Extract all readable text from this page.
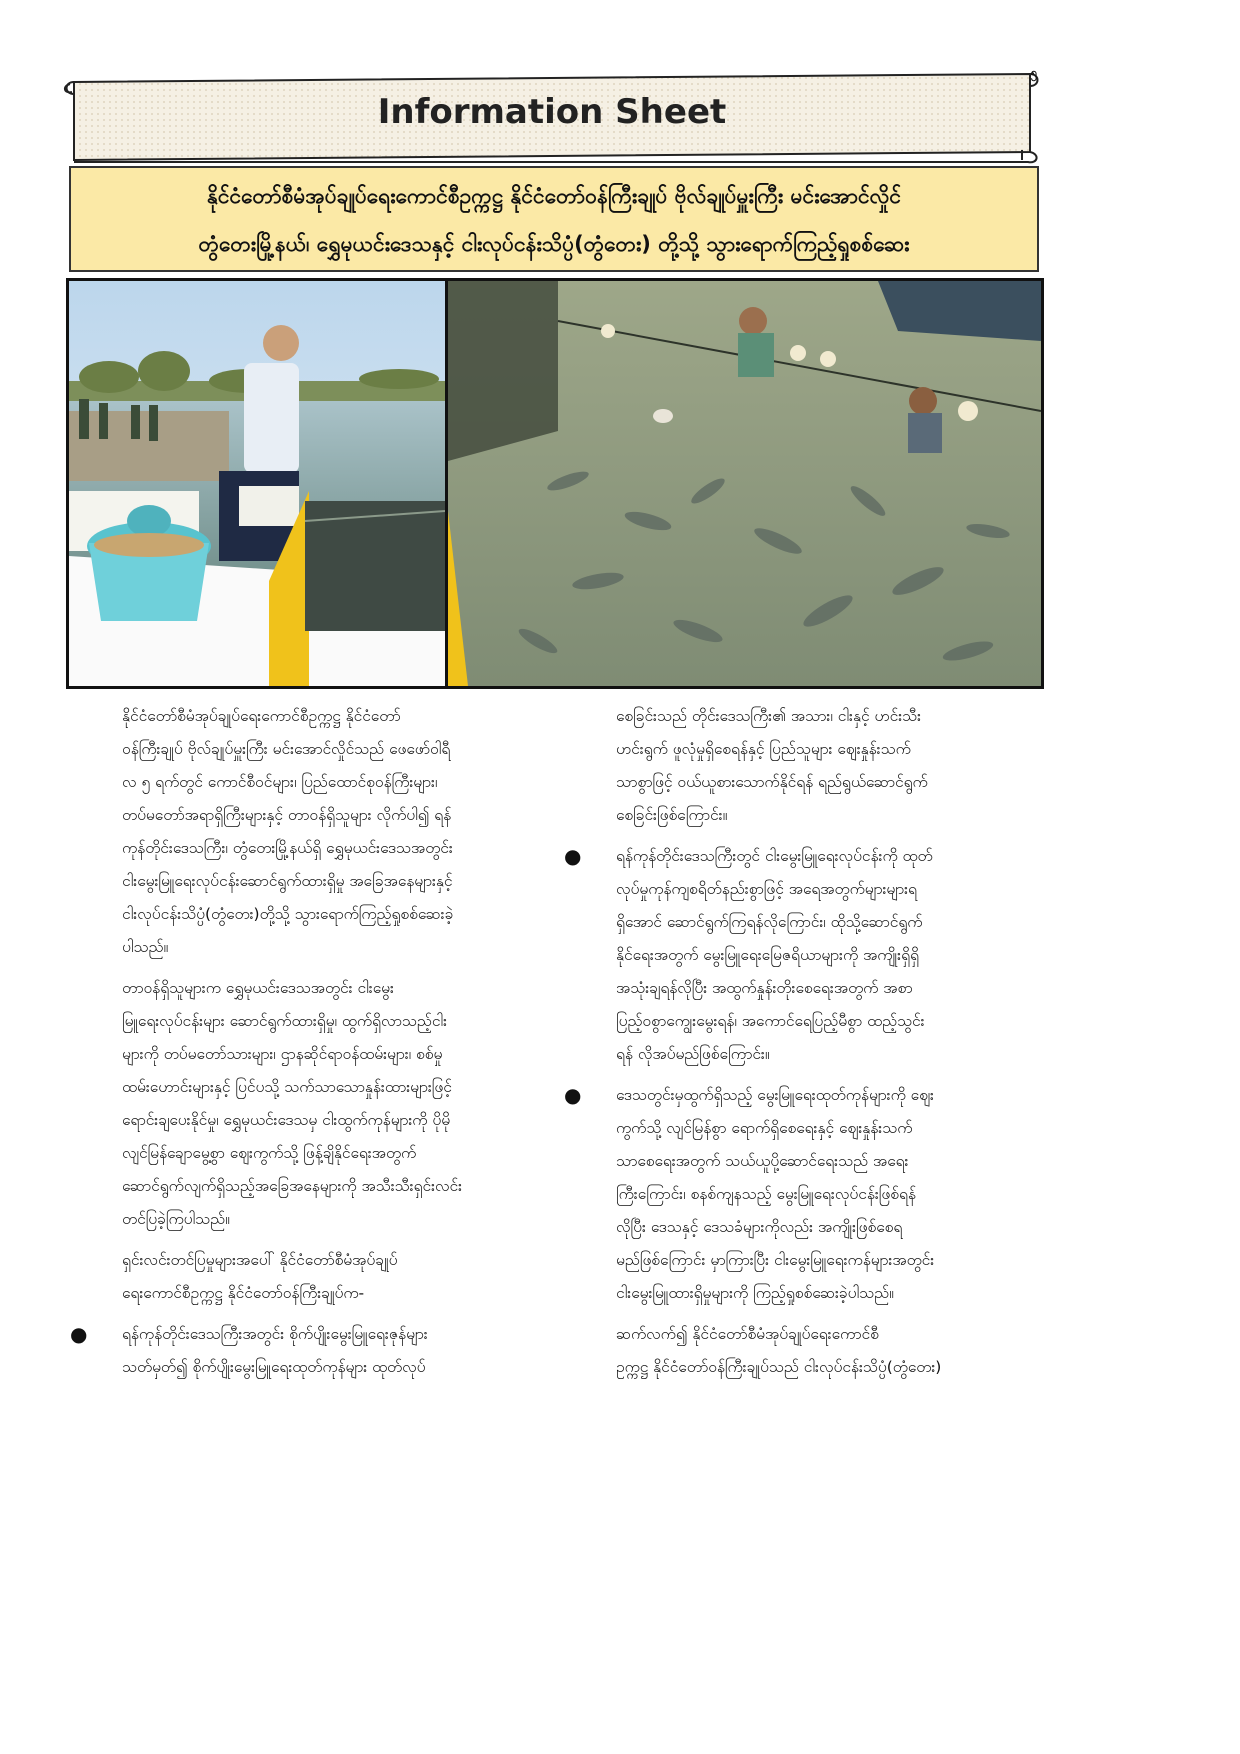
Information Sheet
၅
နိုင်ငံတော်စီမံအုပ်ချုပ်ရေးကောင်စီဥက္ကဋ္ဌ နိုင်ငံတော်ဝန်ကြီးချုပ် ဗိုလ်ချုပ်မှူးကြီး မင်းအောင်လှိုင်
တွံတေးမြို့နယ်၊ ရွှေမုယင်းဒေသနှင့် ငါးလုပ်ငန်းသိပ္ပံ(တွံတေး) တို့သို့ သွားရောက်ကြည့်ရှုစစ်ဆေး
နိုင်ငံတော်စီမံအုပ်ချုပ်ရေးကောင်စီဥက္ကဋ္ဌ နိုင်ငံတော်
ဝန်ကြီးချုပ် ဗိုလ်ချုပ်မှူးကြီး မင်းအောင်လှိုင်သည် ဖေဖော်ဝါရီ
လ ၅ ရက်တွင် ကောင်စီဝင်များ၊ ပြည်ထောင်စုဝန်ကြီးများ၊
တပ်မတော်အရာရှိကြီးများနှင့် တာဝန်ရှိသူများ လိုက်ပါ၍ ရန်
ကုန်တိုင်းဒေသကြီး၊ တွံတေးမြို့နယ်ရှိ ရွှေမုယင်းဒေသအတွင်း
ငါးမွေးမြူရေးလုပ်ငန်းဆောင်ရွက်ထားရှိမှု အခြေအနေများနှင့်
ငါးလုပ်ငန်းသိပ္ပံ(တွံတေး)တို့သို့ သွားရောက်ကြည့်ရှုစစ်ဆေးခဲ့
ပါသည်။
တာဝန်ရှိသူများက ရွှေမုယင်းဒေသအတွင်း ငါးမွေး
မြူရေးလုပ်ငန်းများ ဆောင်ရွက်ထားရှိမှု၊ ထွက်ရှိလာသည့်ငါး
များကို တပ်မတော်သားများ၊ ဌာနဆိုင်ရာဝန်ထမ်းများ၊ စစ်မှု
ထမ်းဟောင်းများနှင့် ပြင်ပသို့ သက်သာသောနှုန်းထားများဖြင့်
ရောင်းချပေးနိုင်မှု၊ ရွှေမုယင်းဒေသမှ ငါးထွက်ကုန်များကို ပိုမို
လျင်မြန်ချောမွေ့စွာ ဈေးကွက်သို့ ဖြန့်ချိနိုင်ရေးအတွက်
ဆောင်ရွက်လျက်ရှိသည့်အခြေအနေများကို အသီးသီးရှင်းလင်း
တင်ပြခဲ့ကြပါသည်။
ရှင်းလင်းတင်ပြမှုများအပေါ် နိုင်ငံတော်စီမံအုပ်ချုပ်
ရေးကောင်စီဥက္ကဋ္ဌ နိုင်ငံတော်ဝန်ကြီးချုပ်က-
● ရန်ကုန်တိုင်းဒေသကြီးအတွင်း စိုက်ပျိုးမွေးမြူရေးဇုန်များ
သတ်မှတ်၍ စိုက်ပျိုးမွေးမြူရေးထုတ်ကုန်များ ထုတ်လုပ်
စေခြင်းသည် တိုင်းဒေသကြီး၏ အသား၊ ငါးနှင့် ဟင်းသီး
ဟင်းရွက် ဖူလုံမှုရှိစေရန်နှင့် ပြည်သူများ ဈေးနှုန်းသက်
သာစွာဖြင့် ဝယ်ယူစားသောက်နိုင်ရန် ရည်ရွယ်ဆောင်ရွက်
စေခြင်းဖြစ်ကြောင်း။
● ရန်ကုန်တိုင်းဒေသကြီးတွင် ငါးမွေးမြူရေးလုပ်ငန်းကို ထုတ်
လုပ်မှုကုန်ကျစရိတ်နည်းစွာဖြင့် အရေအတွက်များများရ
ရှိအောင် ဆောင်ရွက်ကြရန်လိုကြောင်း၊ ထိုသို့ဆောင်ရွက်
နိုင်ရေးအတွက် မွေးမြူရေးမြေဇရိယာများကို အကျိုးရှိရှိ
အသုံးချရန်လိုပြီး အထွက်နှုန်းတိုးစေရေးအတွက် အစာ
ပြည့်ဝစွာကျွေးမွေးရန်၊ အကောင်ရေပြည့်မီစွာ ထည့်သွင်း
ရန် လိုအပ်မည်ဖြစ်ကြောင်း။
● ဒေသတွင်းမှထွက်ရှိသည့် မွေးမြူရေးထုတ်ကုန်များကို ဈေး
ကွက်သို့ လျင်မြန်စွာ ရောက်ရှိစေရေးနှင့် ဈေးနှုန်းသက်
သာစေရေးအတွက် သယ်ယူပို့ဆောင်ရေးသည် အရေး
ကြီးကြောင်း၊ စနစ်ကျနသည့် မွေးမြူရေးလုပ်ငန်းဖြစ်ရန်
လိုပြီး ဒေသနှင့် ဒေသခံများကိုလည်း အကျိုးဖြစ်စေရ
မည်ဖြစ်ကြောင်း မှာကြားပြီး ငါးမွေးမြူရေးကန်များအတွင်း
ငါးမွေးမြူထားရှိမှုများကို ကြည့်ရှုစစ်ဆေးခဲ့ပါသည်။
ဆက်လက်၍ နိုင်ငံတော်စီမံအုပ်ချုပ်ရေးကောင်စီ
ဥက္ကဋ္ဌ နိုင်ငံတော်ဝန်ကြီးချုပ်သည် ငါးလုပ်ငန်းသိပ္ပံ(တွံတေး)
